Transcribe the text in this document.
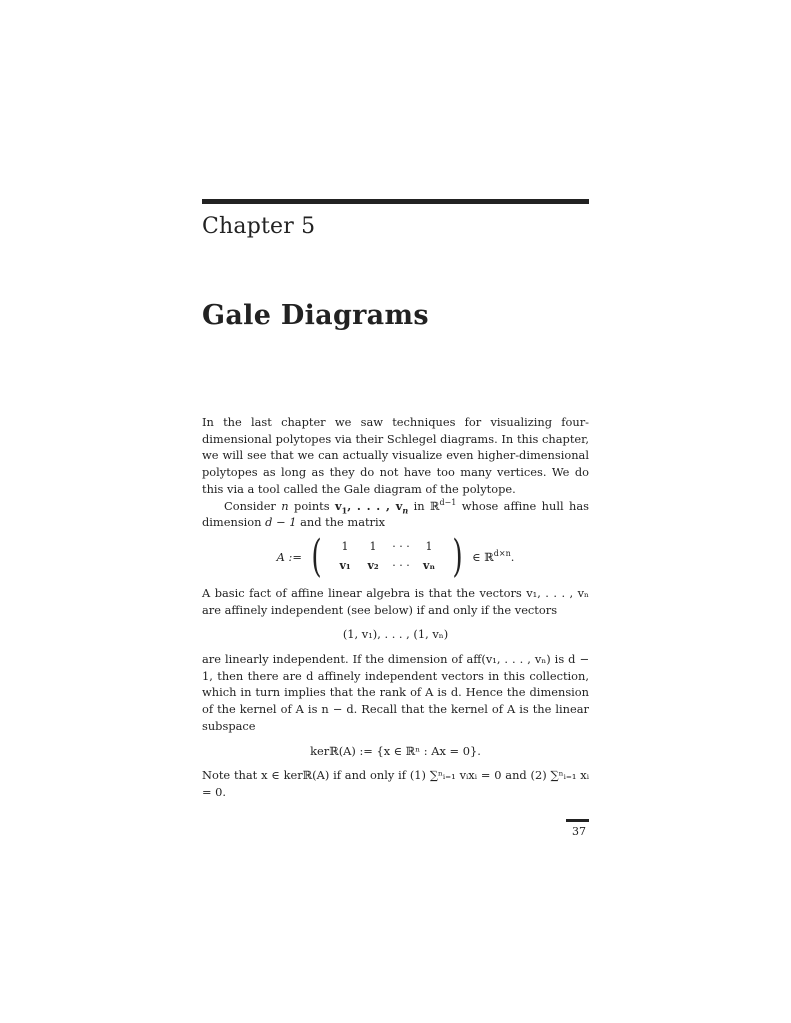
Chapter 5
Gale Diagrams

In the last chapter we saw techniques for visualizing four-dimensional polytopes via their Schlegel diagrams. In this chapter, we will see that we can actually visualize even higher-dimensional polytopes as long as they do not have too many vertices. We do this via a tool called the Gale diagram of the polytope.

Consider n points $v_1$, . . . , $v_n$ in ℝ$^{d-1}$ whose affine hull has dimension d − 1 and the matrix

A := (	1	1	· · ·	1
v₁	v₂	· · ·	vₙ ) ∈ ℝ$^{d\times n}$.

A basic fact of affine linear algebra is that the vectors v₁, . . . , vₙ are affinely independent (see below) if and only if the vectors

(1, v₁), . . . , (1, vₙ)

are linearly independent. If the dimension of aff(v₁, . . . , vₙ) is d − 1, then there are d affinely independent vectors in this collection, which in turn implies that the rank of A is d. Hence the dimension of the kernel of A is n − d. Recall that the kernel of A is the linear subspace

kerℝ(A) := {x ∈ ℝⁿ : Ax = 0}.

Note that x ∈ kerℝ(A) if and only if (1) ∑ⁿᵢ₌₁ vᵢxᵢ = 0 and (2) ∑ⁿᵢ₌₁ xᵢ = 0.

37
